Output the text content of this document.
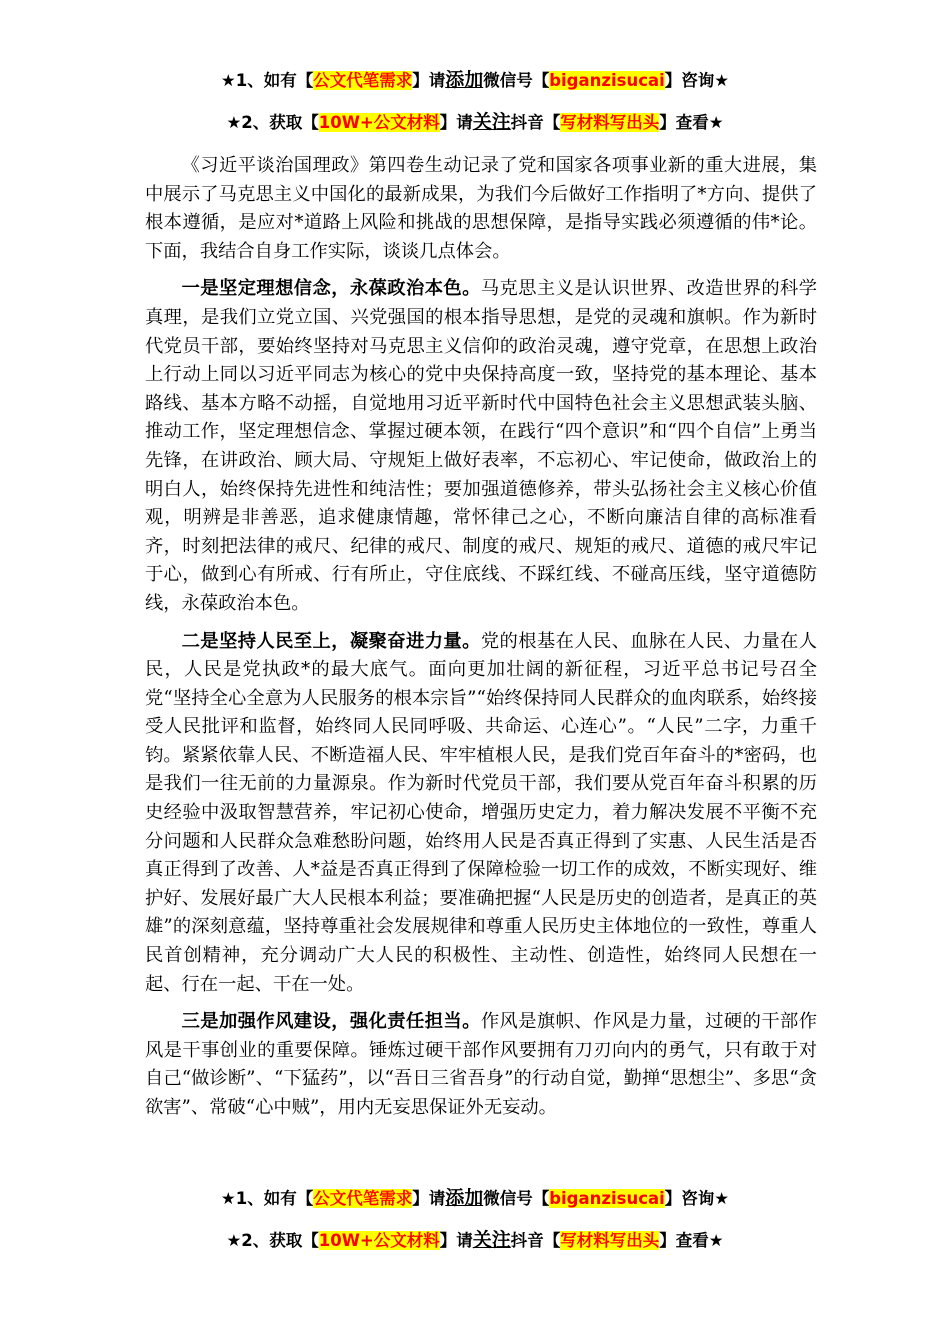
★1、如有【公文代笔需求】请添加微信号【biganzisucai】咨询★
★2、获取【10W+公文材料】请关注抖音【写材料写出头】查看★

《习近平谈治国理政》第四卷生动记录了党和国家各项事业新的重大进展，集中展示了马克思主义中国化的最新成果，为我们今后做好工作指明了*方向、提供了根本遵循，是应对*道路上风险和挑战的思想保障，是指导实践必须遵循的伟*论。下面，我结合自身工作实际，谈谈几点体会。

一是坚定理想信念，永葆政治本色。马克思主义是认识世界、改造世界的科学真理，是我们立党立国、兴党强国的根本指导思想，是党的灵魂和旗帜。作为新时代党员干部，要始终坚持对马克思主义信仰的政治灵魂，遵守党章，在思想上政治上行动上同以习近平同志为核心的党中央保持高度一致，坚持党的基本理论、基本路线、基本方略不动摇，自觉地用习近平新时代中国特色社会主义思想武装头脑、推动工作，坚定理想信念、掌握过硬本领，在践行“四个意识”和“四个自信”上勇当先锋，在讲政治、顾大局、守规矩上做好表率，不忘初心、牢记使命，做政治上的明白人，始终保持先进性和纯洁性；要加强道德修养，带头弘扬社会主义核心价值观，明辨是非善恶，追求健康情趣，常怀律己之心，不断向廉洁自律的高标准看齐，时刻把法律的戒尺、纪律的戒尺、制度的戒尺、规矩的戒尺、道德的戒尺牢记于心，做到心有所戒、行有所止，守住底线、不踩红线、不碰高压线，坚守道德防线，永葆政治本色。

二是坚持人民至上，凝聚奋进力量。党的根基在人民、血脉在人民、力量在人民，人民是党执政*的最大底气。面向更加壮阔的新征程，习近平总书记号召全党“坚持全心全意为人民服务的根本宗旨”“始终保持同人民群众的血肉联系，始终接受人民批评和监督，始终同人民同呼吸、共命运、心连心”。“人民”二字，力重千钧。紧紧依靠人民、不断造福人民、牢牢植根人民，是我们党百年奋斗的*密码，也是我们一往无前的力量源泉。作为新时代党员干部，我们要从党百年奋斗积累的历史经验中汲取智慧营养，牢记初心使命，增强历史定力，着力解决发展不平衡不充分问题和人民群众急难愁盼问题，始终用人民是否真正得到了实惠、人民生活是否真正得到了改善、人*益是否真正得到了保障检验一切工作的成效，不断实现好、维护好、发展好最广大人民根本利益；要准确把握“人民是历史的创造者，是真正的英雄”的深刻意蕴，坚持尊重社会发展规律和尊重人民历史主体地位的一致性，尊重人民首创精神，充分调动广大人民的积极性、主动性、创造性，始终同人民想在一起、行在一起、干在一处。

三是加强作风建设，强化责任担当。作风是旗帜、作风是力量，过硬的干部作风是干事创业的重要保障。锤炼过硬干部作风要拥有刀刃向内的勇气，只有敢于对自己“做诊断”、“下猛药”，以“吾日三省吾身”的行动自觉，勤掸“思想尘”、多思“贪欲害”、常破“心中贼”，用内无妄思保证外无妄动。

★1、如有【公文代笔需求】请添加微信号【biganzisucai】咨询★
★2、获取【10W+公文材料】请关注抖音【写材料写出头】查看★
